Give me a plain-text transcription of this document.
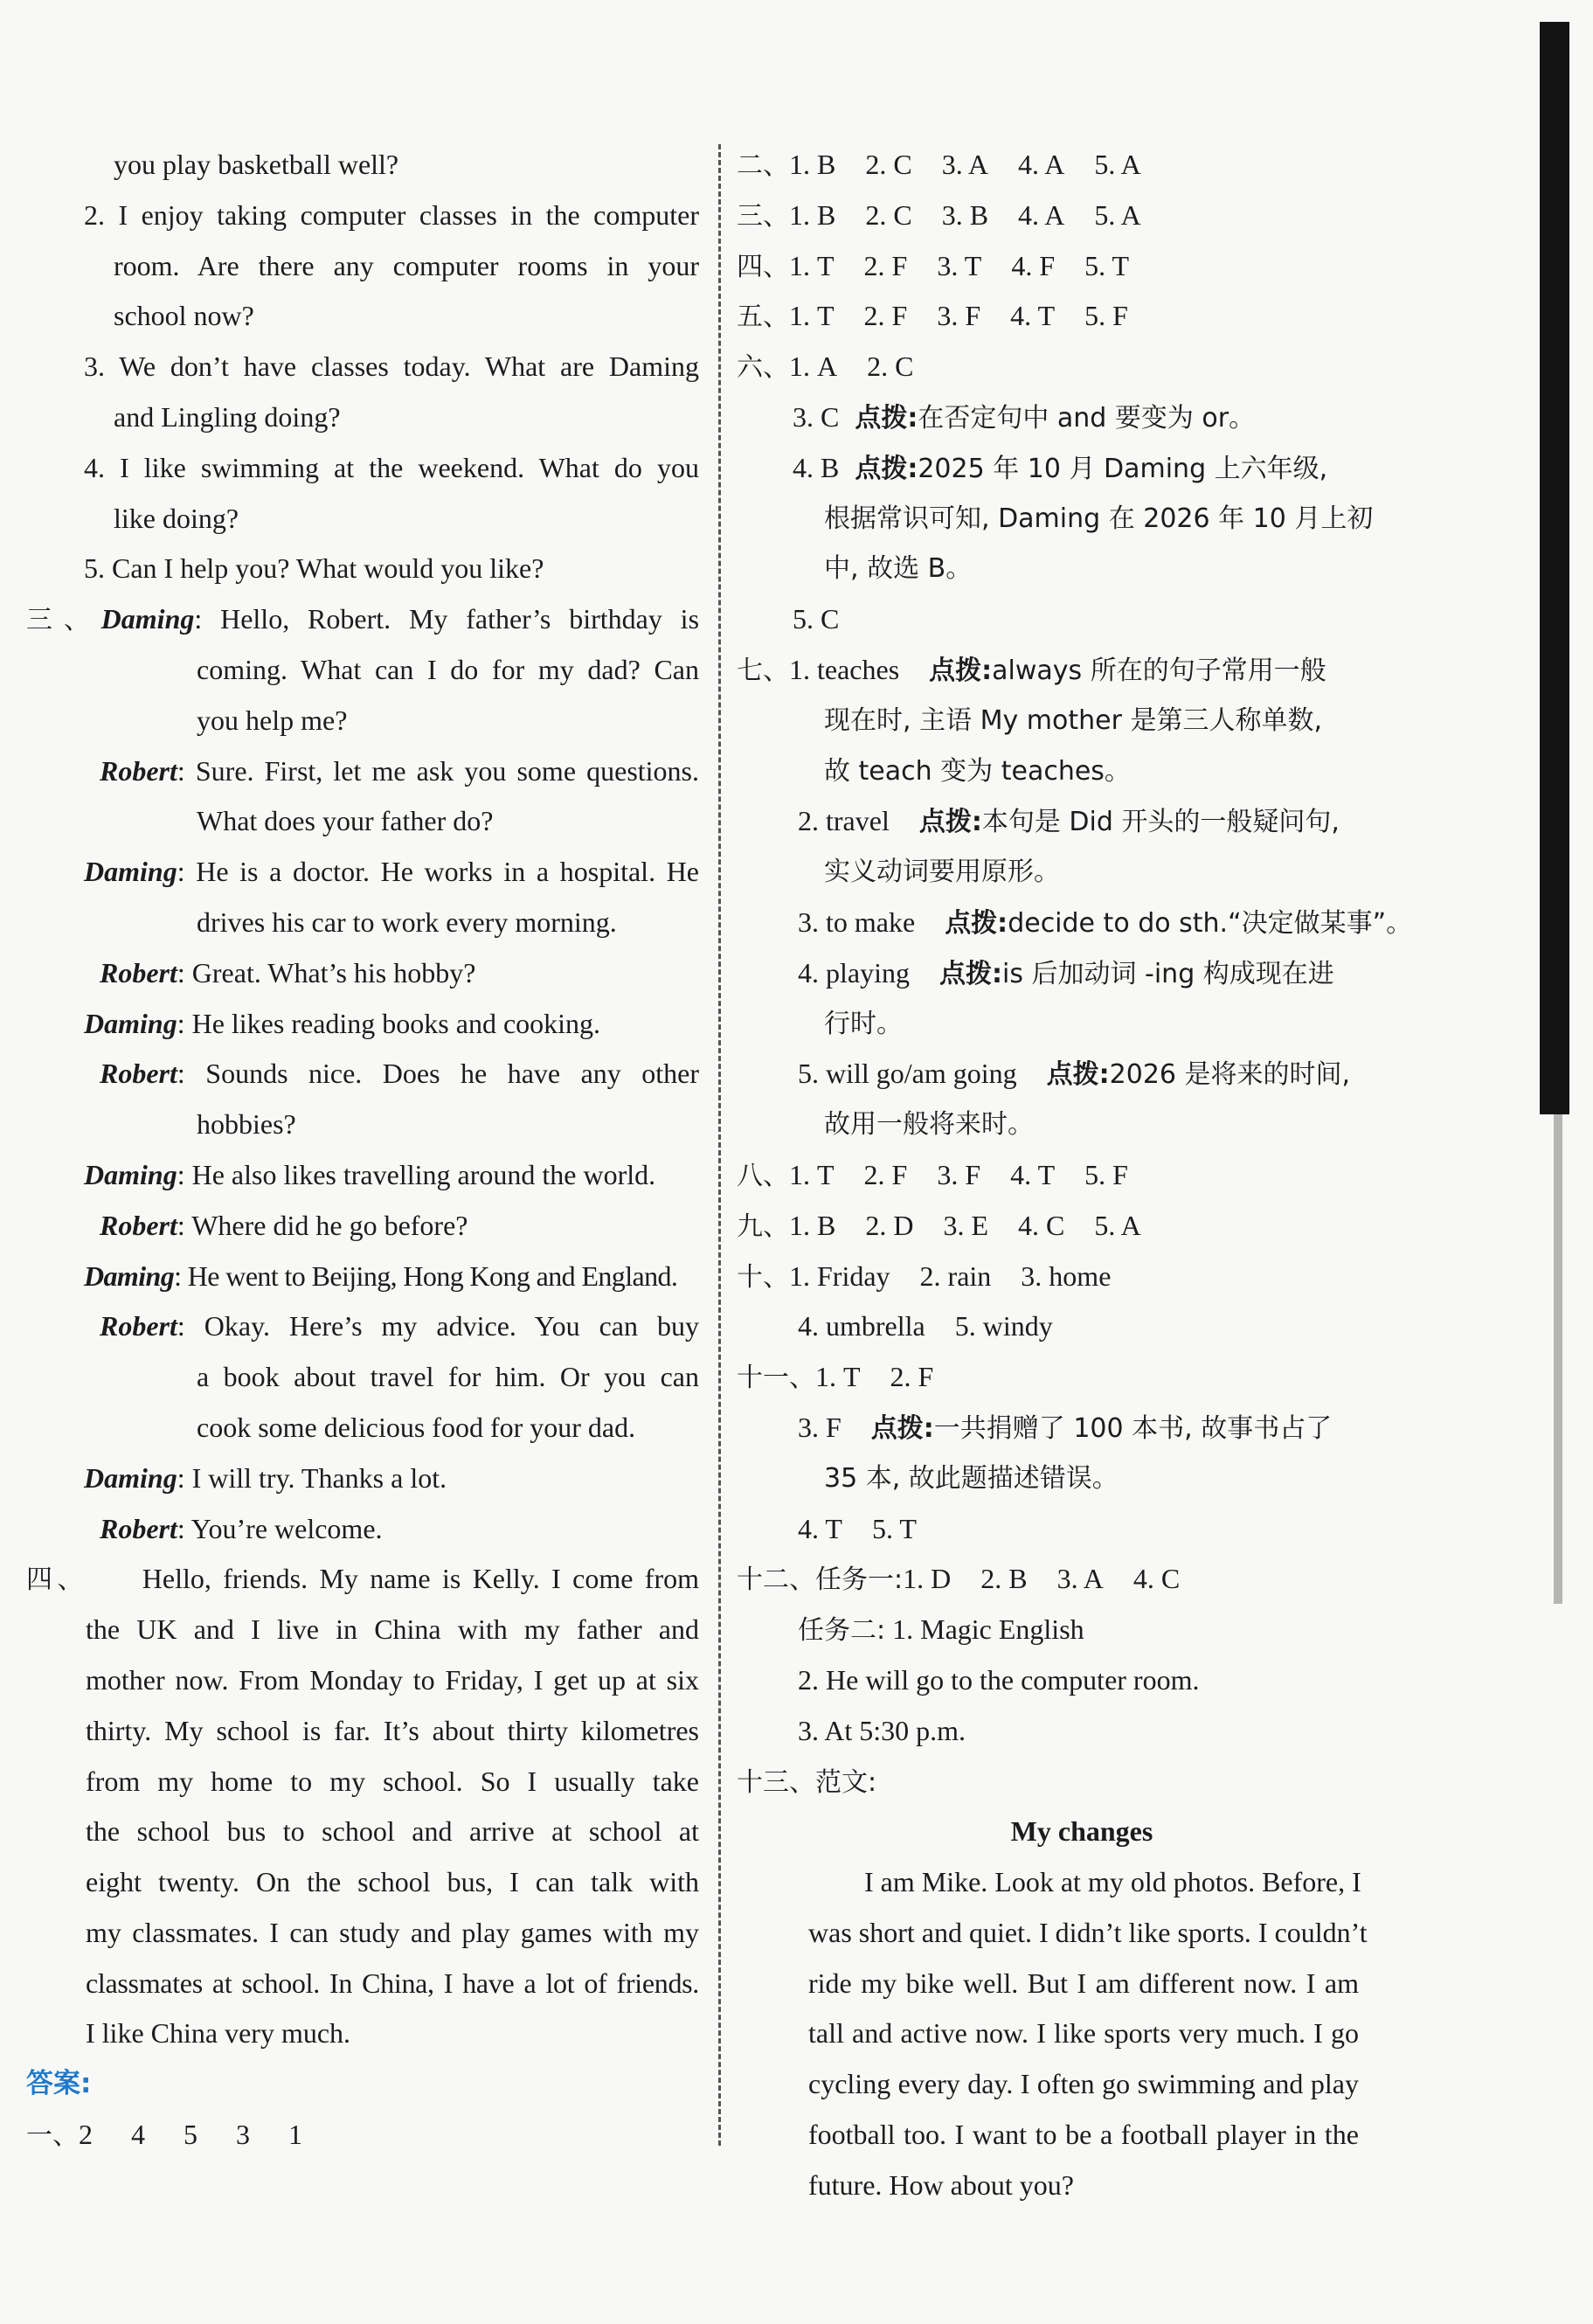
you play basketball well?
2. I enjoy taking computer classes in the computer
room. Are there any computer rooms in your
school now?
3. We don’t have classes today. What are Daming
and Lingling doing?
4. I like swimming at the weekend. What do you
like doing?
5. Can I help you? What would you like?
三、Daming: Hello, Robert. My father’s birthday is
coming. What can I do for my dad? Can
you help me?
Robert: Sure. First, let me ask you some questions.
What does your father do?
Daming: He is a doctor. He works in a hospital. He
drives his car to work every morning.
Robert: Great. What’s his hobby?
Daming: He likes reading books and cooking.
Robert: Sounds nice. Does he have any other
hobbies?
Daming: He also likes travelling around the world.
Robert: Where did he go before?
Daming: He went to Beijing, Hong Kong and England.
Robert: Okay. Here’s my advice. You can buy
a book about travel for him. Or you can
cook some delicious food for your dad.
Daming: I will try. Thanks a lot.
Robert: You’re welcome.
四、 Hello, friends. My name is Kelly. I come from
the UK and I live in China with my father and
mother now. From Monday to Friday, I get up at six
thirty. My school is far. It’s about thirty kilometres
from my home to my school. So I usually take
the school bus to school and arrive at school at
eight twenty. On the school bus, I can talk with
my classmates. I can study and play games with my
classmates at school. In China, I have a lot of friends.
I like China very much.
答案:
一、2  4  5  3  1
二、1. B 2. C 3. A 4. A 5. A
三、1. B 2. C 3. B 4. A 5. A
四、1. T 2. F 3. T 4. F 5. T
五、1. T 2. F 3. F 4. T 5. F
六、1. A 2. C
3. C 点拨:在否定句中 and 要变为 or。
4. B 点拨:2025 年 10 月 Daming 上六年级,
根据常识可知, Daming 在 2026 年 10 月上初
中, 故选 B。
5. C
七、1. teaches 点拨:always 所在的句子常用一般
现在时, 主语 My mother 是第三人称单数,
故 teach 变为 teaches。
2. travel 点拨:本句是 Did 开头的一般疑问句,
实义动词要用原形。
3. to make 点拨:decide to do sth.“决定做某事”。
4. playing 点拨:is 后加动词 -ing 构成现在进
行时。
5. will go/am going 点拨:2026 是将来的时间,
故用一般将来时。
八、1. T 2. F 3. F 4. T 5. F
九、1. B 2. D 3. E 4. C 5. A
十、1. Friday 2. rain 3. home
4. umbrella 5. windy
十一、1. T 2. F
3. F 点拨:一共捐赠了 100 本书, 故事书占了
35 本, 故此题描述错误。
4. T 5. T
十二、任务一:1. D 2. B 3. A 4. C
任务二: 1. Magic English
2. He will go to the computer room.
3. At 5:30 p.m.
十三、范文:
My changes
I am Mike. Look at my old photos. Before, I
was short and quiet. I didn’t like sports. I couldn’t
ride my bike well. But I am different now. I am
tall and active now. I like sports very much. I go
cycling every day. I often go swimming and play
football too. I want to be a football player in the
future. How about you?
